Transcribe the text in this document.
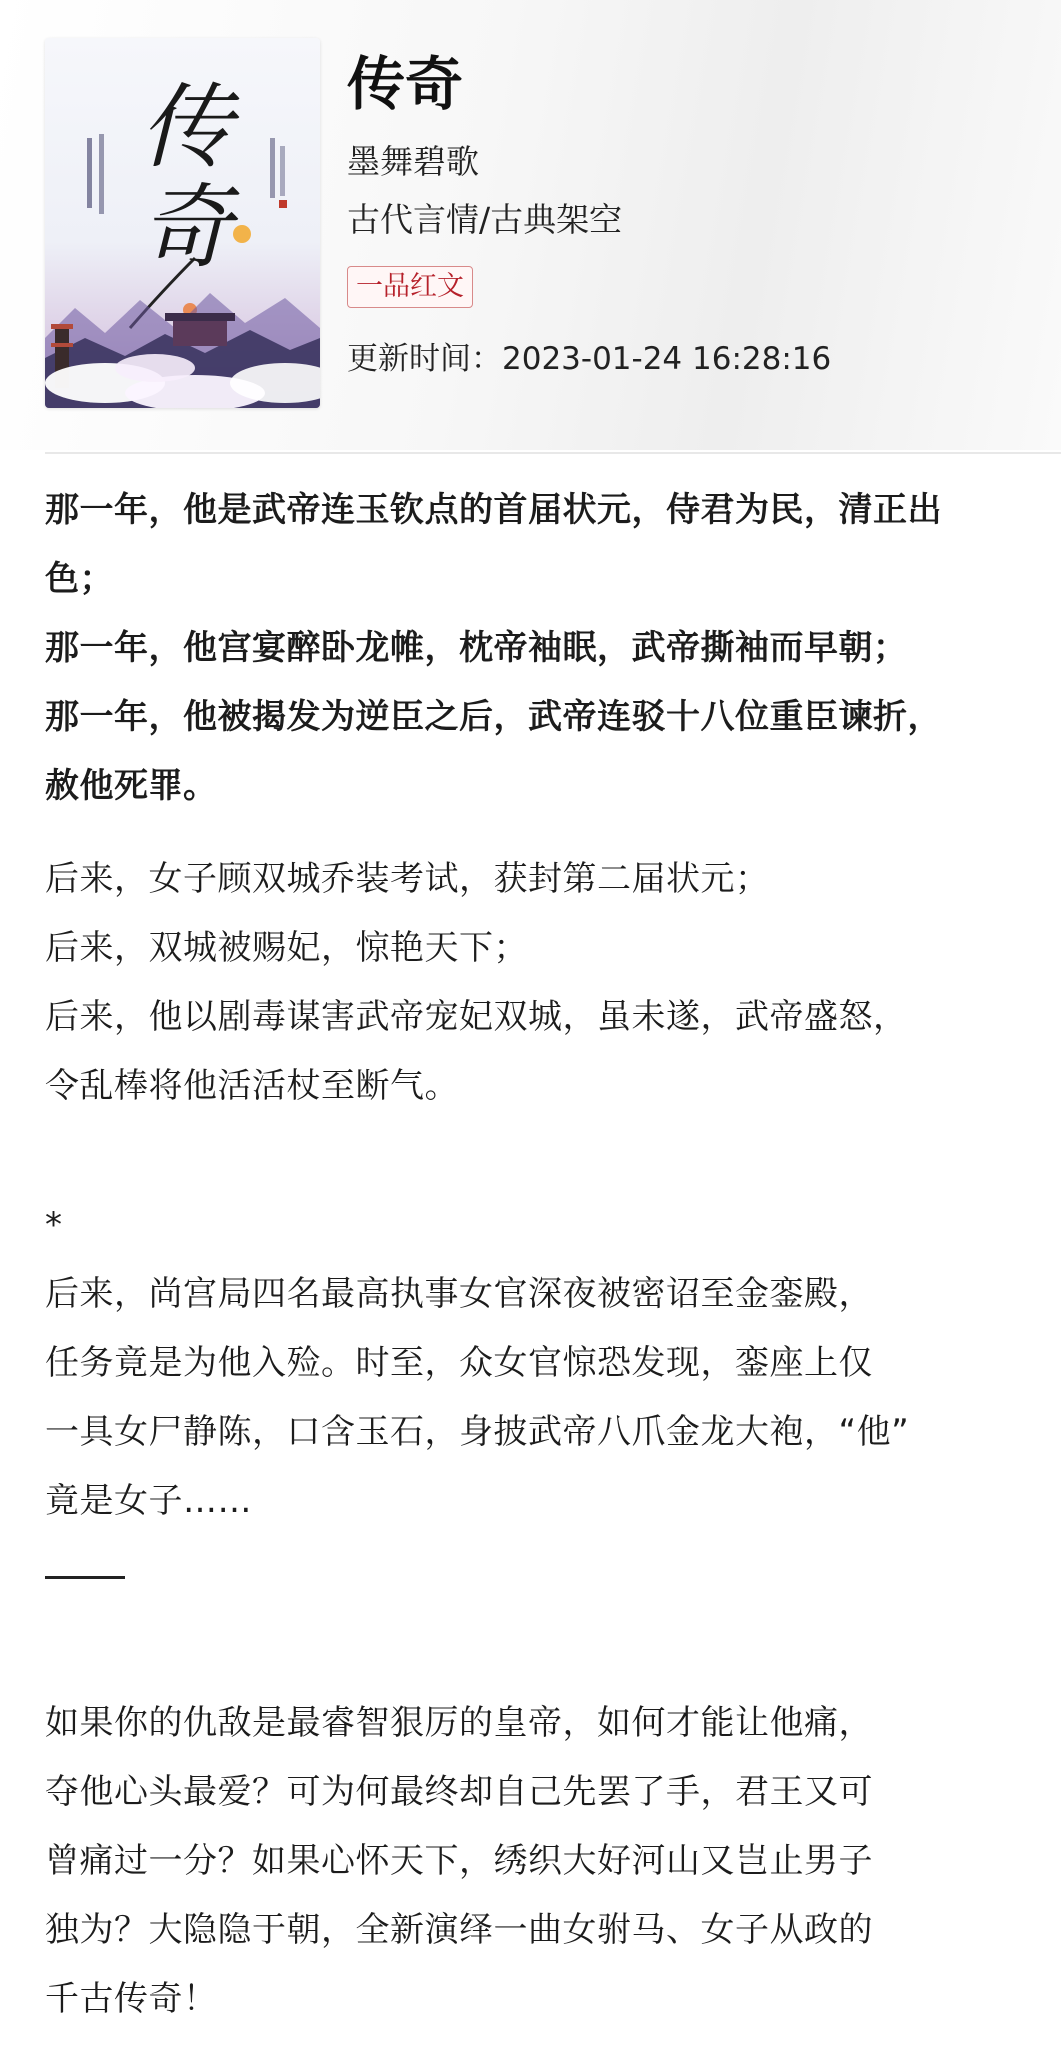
传奇
传奇
墨舞碧歌
古代言情/古典架空
一品红文
更新时间：2023-01-24 16:28:16

那一年，他是武帝连玉钦点的首届状元，侍君为民，清正出

色；

那一年，他宫宴醉卧龙帷，枕帝袖眠，武帝撕袖而早朝；

那一年，他被揭发为逆臣之后，武帝连驳十八位重臣谏折，

赦他死罪。

后来，女子顾双城乔装考试，获封第二届状元；

后来，双城被赐妃，惊艳天下；

后来，他以剧毒谋害武帝宠妃双城，虽未遂，武帝盛怒，

令乱棒将他活活杖至断气。

*

后来，尚宫局四名最高执事女官深夜被密诏至金銮殿，

任务竟是为他入殓。时至，众女官惊恐发现，銮座上仅

一具女尸静陈，口含玉石，身披武帝八爪金龙大袍，“他”

竟是女子……

如果你的仇敌是最睿智狠厉的皇帝，如何才能让他痛，

夺他心头最爱？可为何最终却自己先罢了手，君王又可

曾痛过一分？如果心怀天下，绣织大好河山又岂止男子

独为？大隐隐于朝，全新演绎一曲女驸马、女子从政的

千古传奇！
